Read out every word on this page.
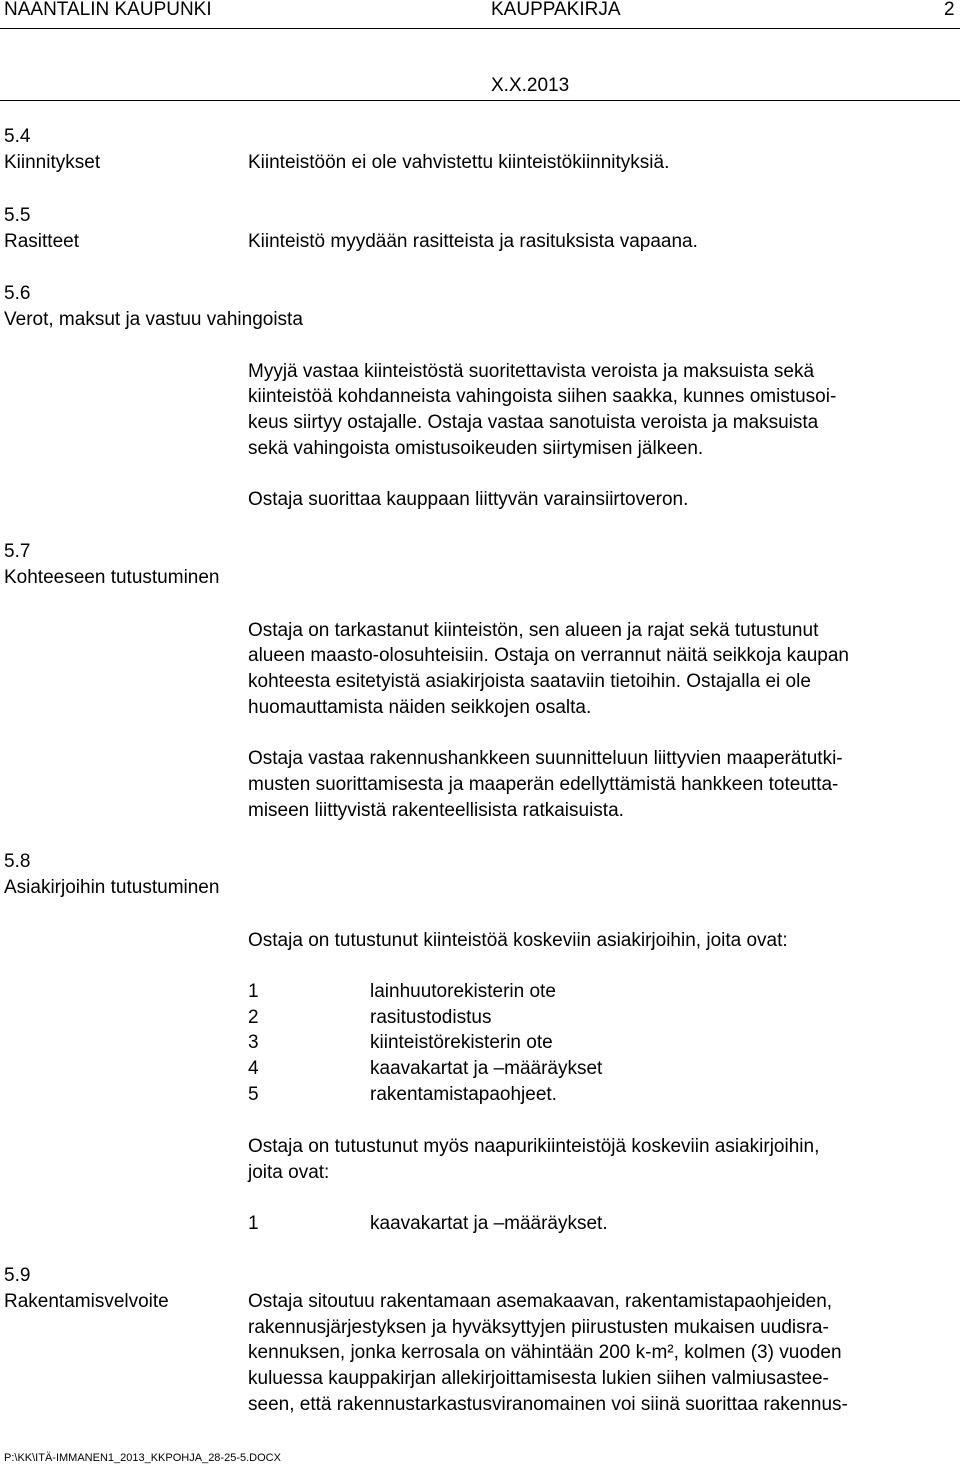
NAANTALIN KAUPUNKI	KAUPPAKIRJA	2
X.X.2013
5.4
Kiinnitykset	Kiinteistöön ei ole vahvistettu kiinteistökiinnityksiä.
5.5
Rasitteet	Kiinteistö myydään rasitteista ja rasituksista vapaana.
5.6
Verot, maksut ja vastuu vahingoista
Myyjä vastaa kiinteistöstä suoritettavista veroista ja maksuista sekä
kiinteistöä kohdanneista vahingoista siihen saakka, kunnes omistusoi-
keus siirtyy ostajalle. Ostaja vastaa sanotuista veroista ja maksuista
sekä vahingoista omistusoikeuden siirtymisen jälkeen.
Ostaja suorittaa kauppaan liittyvän varainsiirtoveron.
5.7
Kohteeseen tutustuminen
Ostaja on tarkastanut kiinteistön, sen alueen ja rajat sekä tutustunut
alueen maasto-olosuhteisiin. Ostaja on verrannut näitä seikkoja kaupan
kohteesta esitetyistä asiakirjoista saataviin tietoihin. Ostajalla ei ole
huomauttamista näiden seikkojen osalta.
Ostaja vastaa rakennushankkeen suunnitteluun liittyvien maaperätutki-
musten suorittamisesta ja maaperän edellyttämistä hankkeen toteutta-
miseen liittyvistä rakenteellisista ratkaisuista.
5.8
Asiakirjoihin tutustuminen
Ostaja on tutustunut kiinteistöä koskeviin asiakirjoihin, joita ovat:
1	lainhuutorekisterin ote
2	rasitustodistus
3	kiinteistörekisterin ote
4	kaavakartat ja –määräykset
5	rakentamistapaohjeet.
Ostaja on tutustunut myös naapurikiinteistöjä koskeviin asiakirjoihin,
joita ovat:
1	kaavakartat ja –määräykset.
5.9
Rakentamisvelvoite	Ostaja sitoutuu rakentamaan asemakaavan, rakentamistapaohjeiden,
rakennusjärjestyksen ja hyväksyttyjen piirustusten mukaisen uudisra-
kennuksen, jonka kerrosala on vähintään 200 k-m², kolmen (3) vuoden
kuluessa kauppakirjan allekirjoittamisesta lukien siihen valmiusastee-
seen, että rakennustarkastusviranomainen voi siinä suorittaa rakennus-
P:\KK\ITÄ-IMMANEN1_2013_KKPOHJA_28-25-5.DOCX
